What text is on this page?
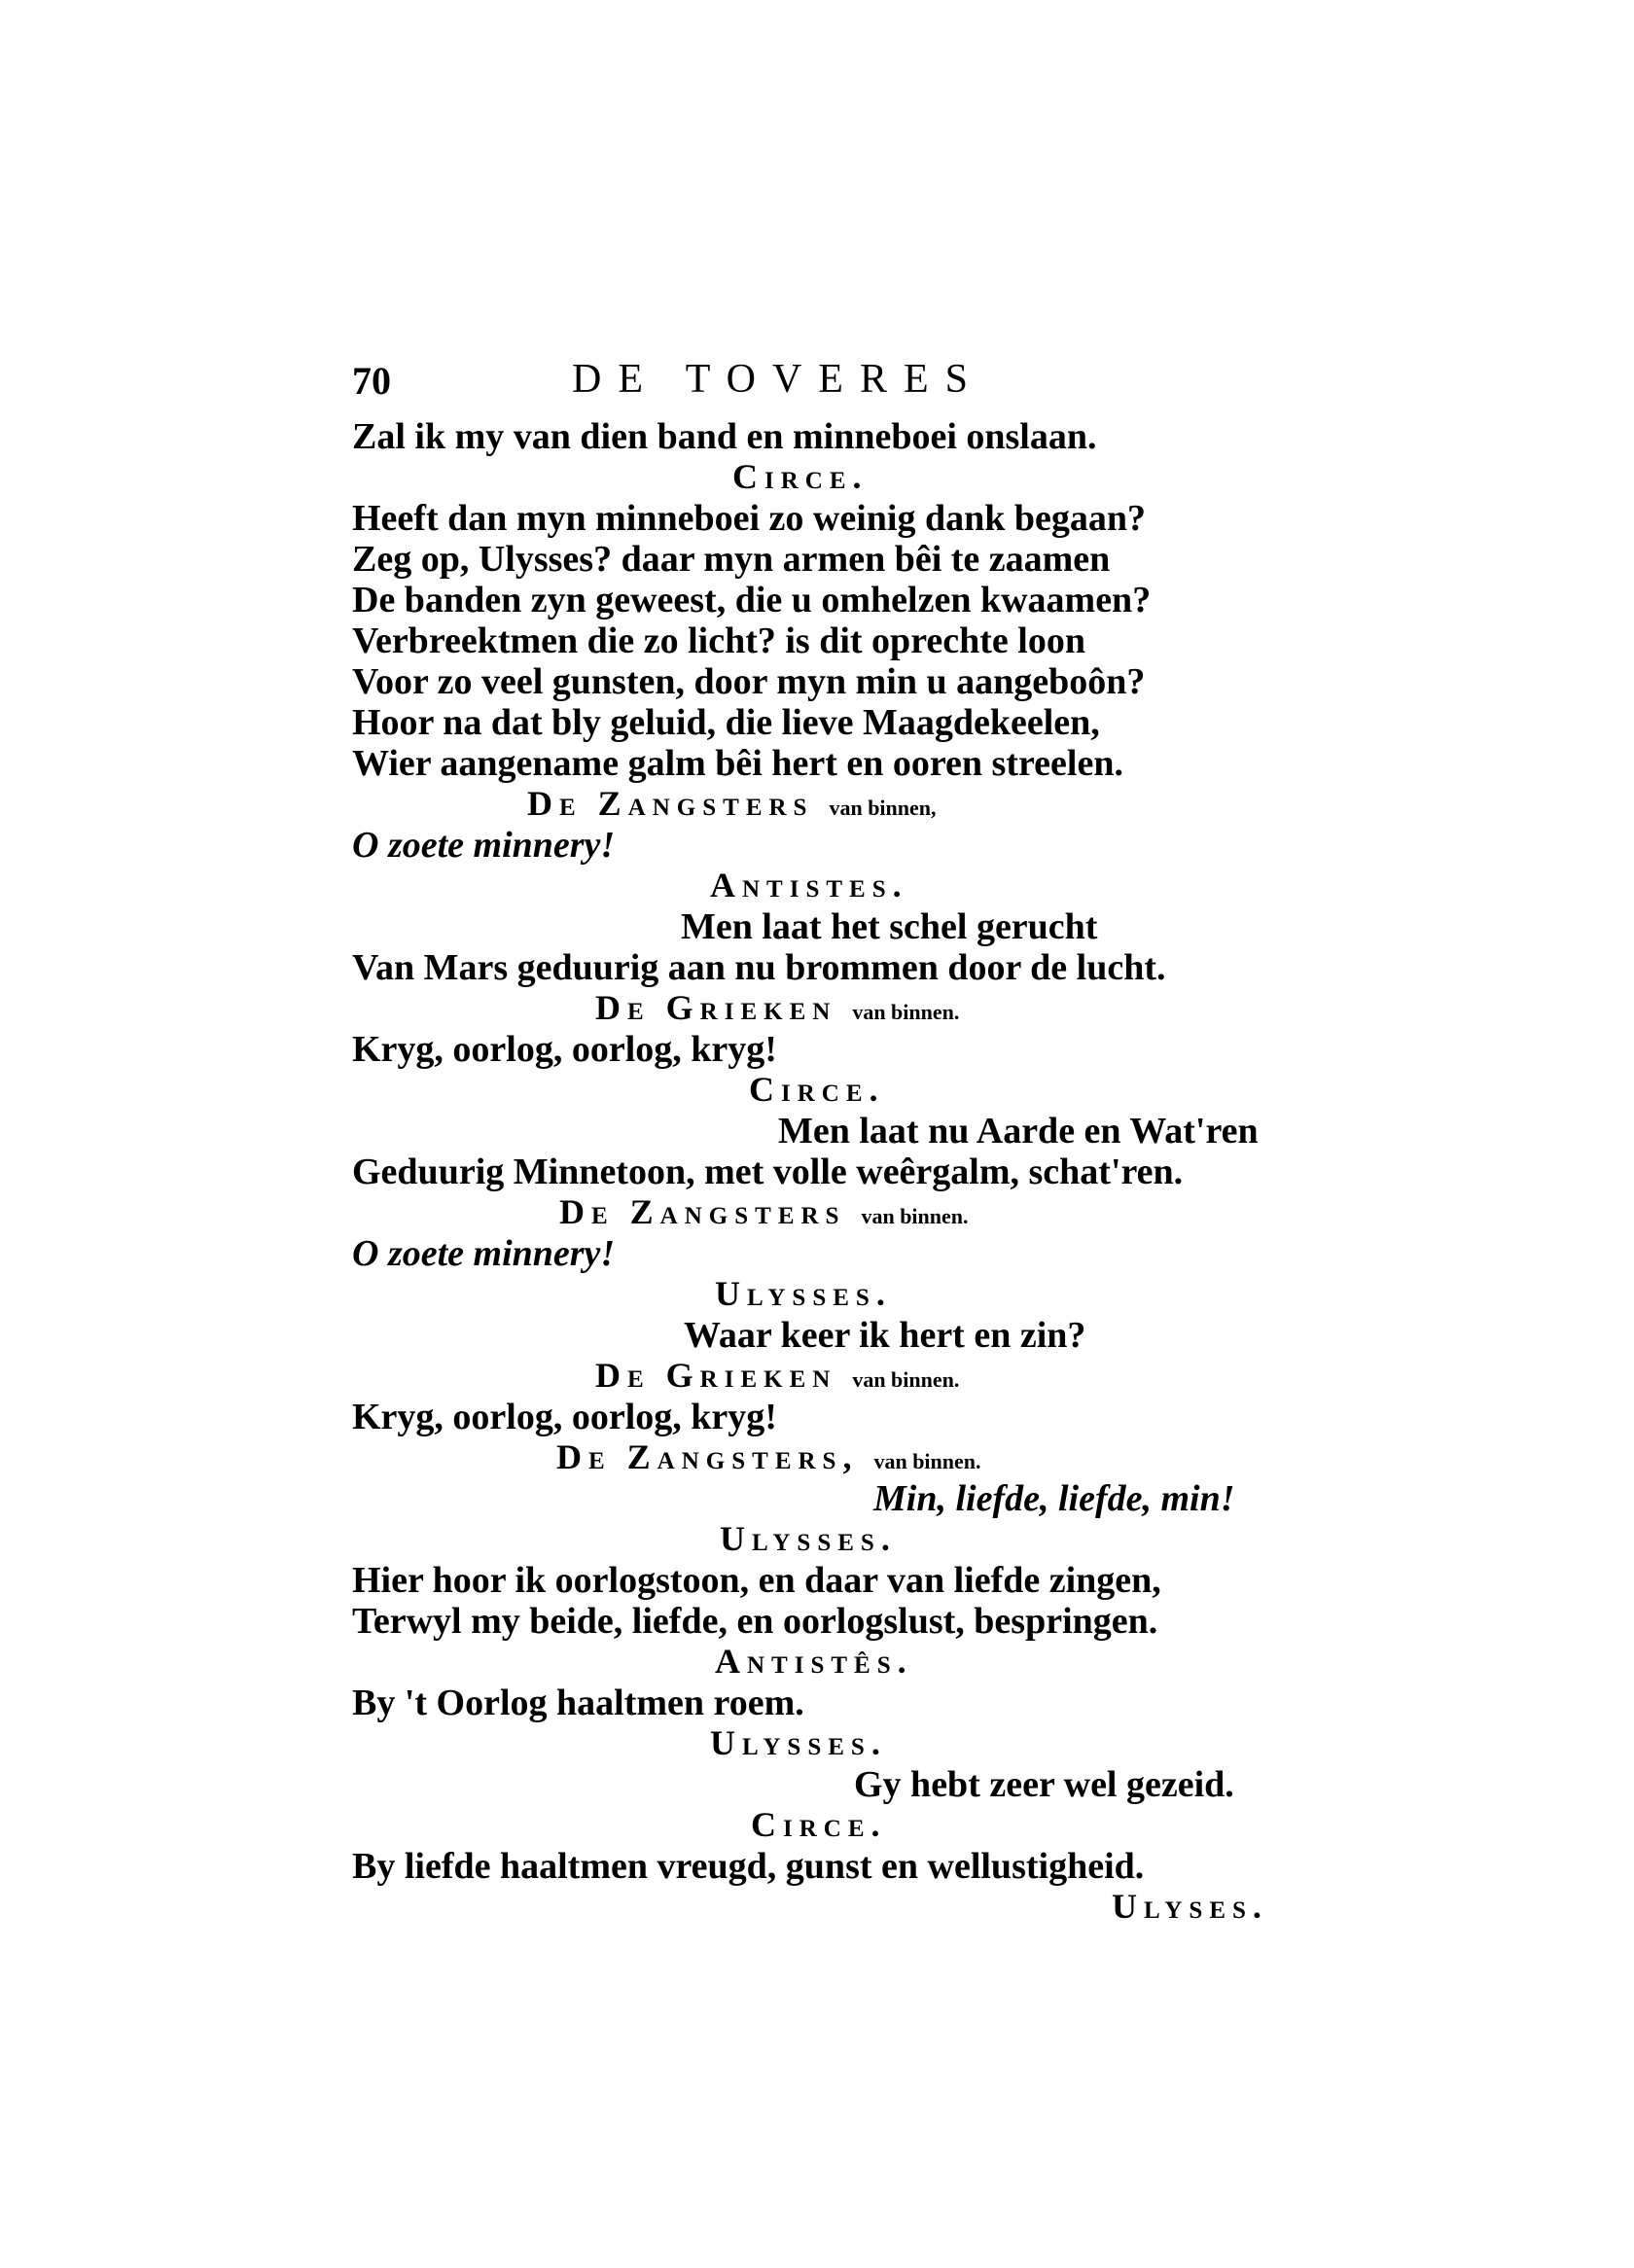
70	DE TOVERES
Zal ik my van dien band en minneboei onslaan.
Circe.
Heeft dan myn minneboei zo weinig dank begaan?
Zeg op, Ulysses? daar myn armen bêi te zaamen
De banden zyn geweest, die u omhelzen kwaamen?
Verbreektmen die zo licht? is dit oprechte loon
Voor zo veel gunsten, door myn min u aangeboôn?
Hoor na dat bly geluid, die lieve Maagdekeelen,
Wier aangename galm bêi hert en ooren streelen.
De Zangsters van binnen,
O zoete minnery!
Antistes.
Men laat het schel gerucht
Van Mars geduurig aan nu brommen door de lucht.
De Grieken van binnen.
Kryg, oorlog, oorlog, kryg!
Circe.
Men laat nu Aarde en Wat'ren
Geduurig Minnetoon, met volle weêrgalm, schat'ren.
De Zangsters van binnen.
O zoete minnery!
Ulysses.
Waar keer ik hert en zin?
De Grieken van binnen.
Kryg, oorlog, oorlog, kryg!
De Zangsters, van binnen.
Min, liefde, liefde, min!
Ulysses.
Hier hoor ik oorlogstoon, en daar van liefde zingen,
Terwyl my beide, liefde, en oorlogslust, bespringen.
Antistês.
By 't Oorlog haaltmen roem.
Ulysses.
Gy hebt zeer wel gezeid.
Circe.
By liefde haaltmen vreugd, gunst en wellustigheid.
Ulyses.
